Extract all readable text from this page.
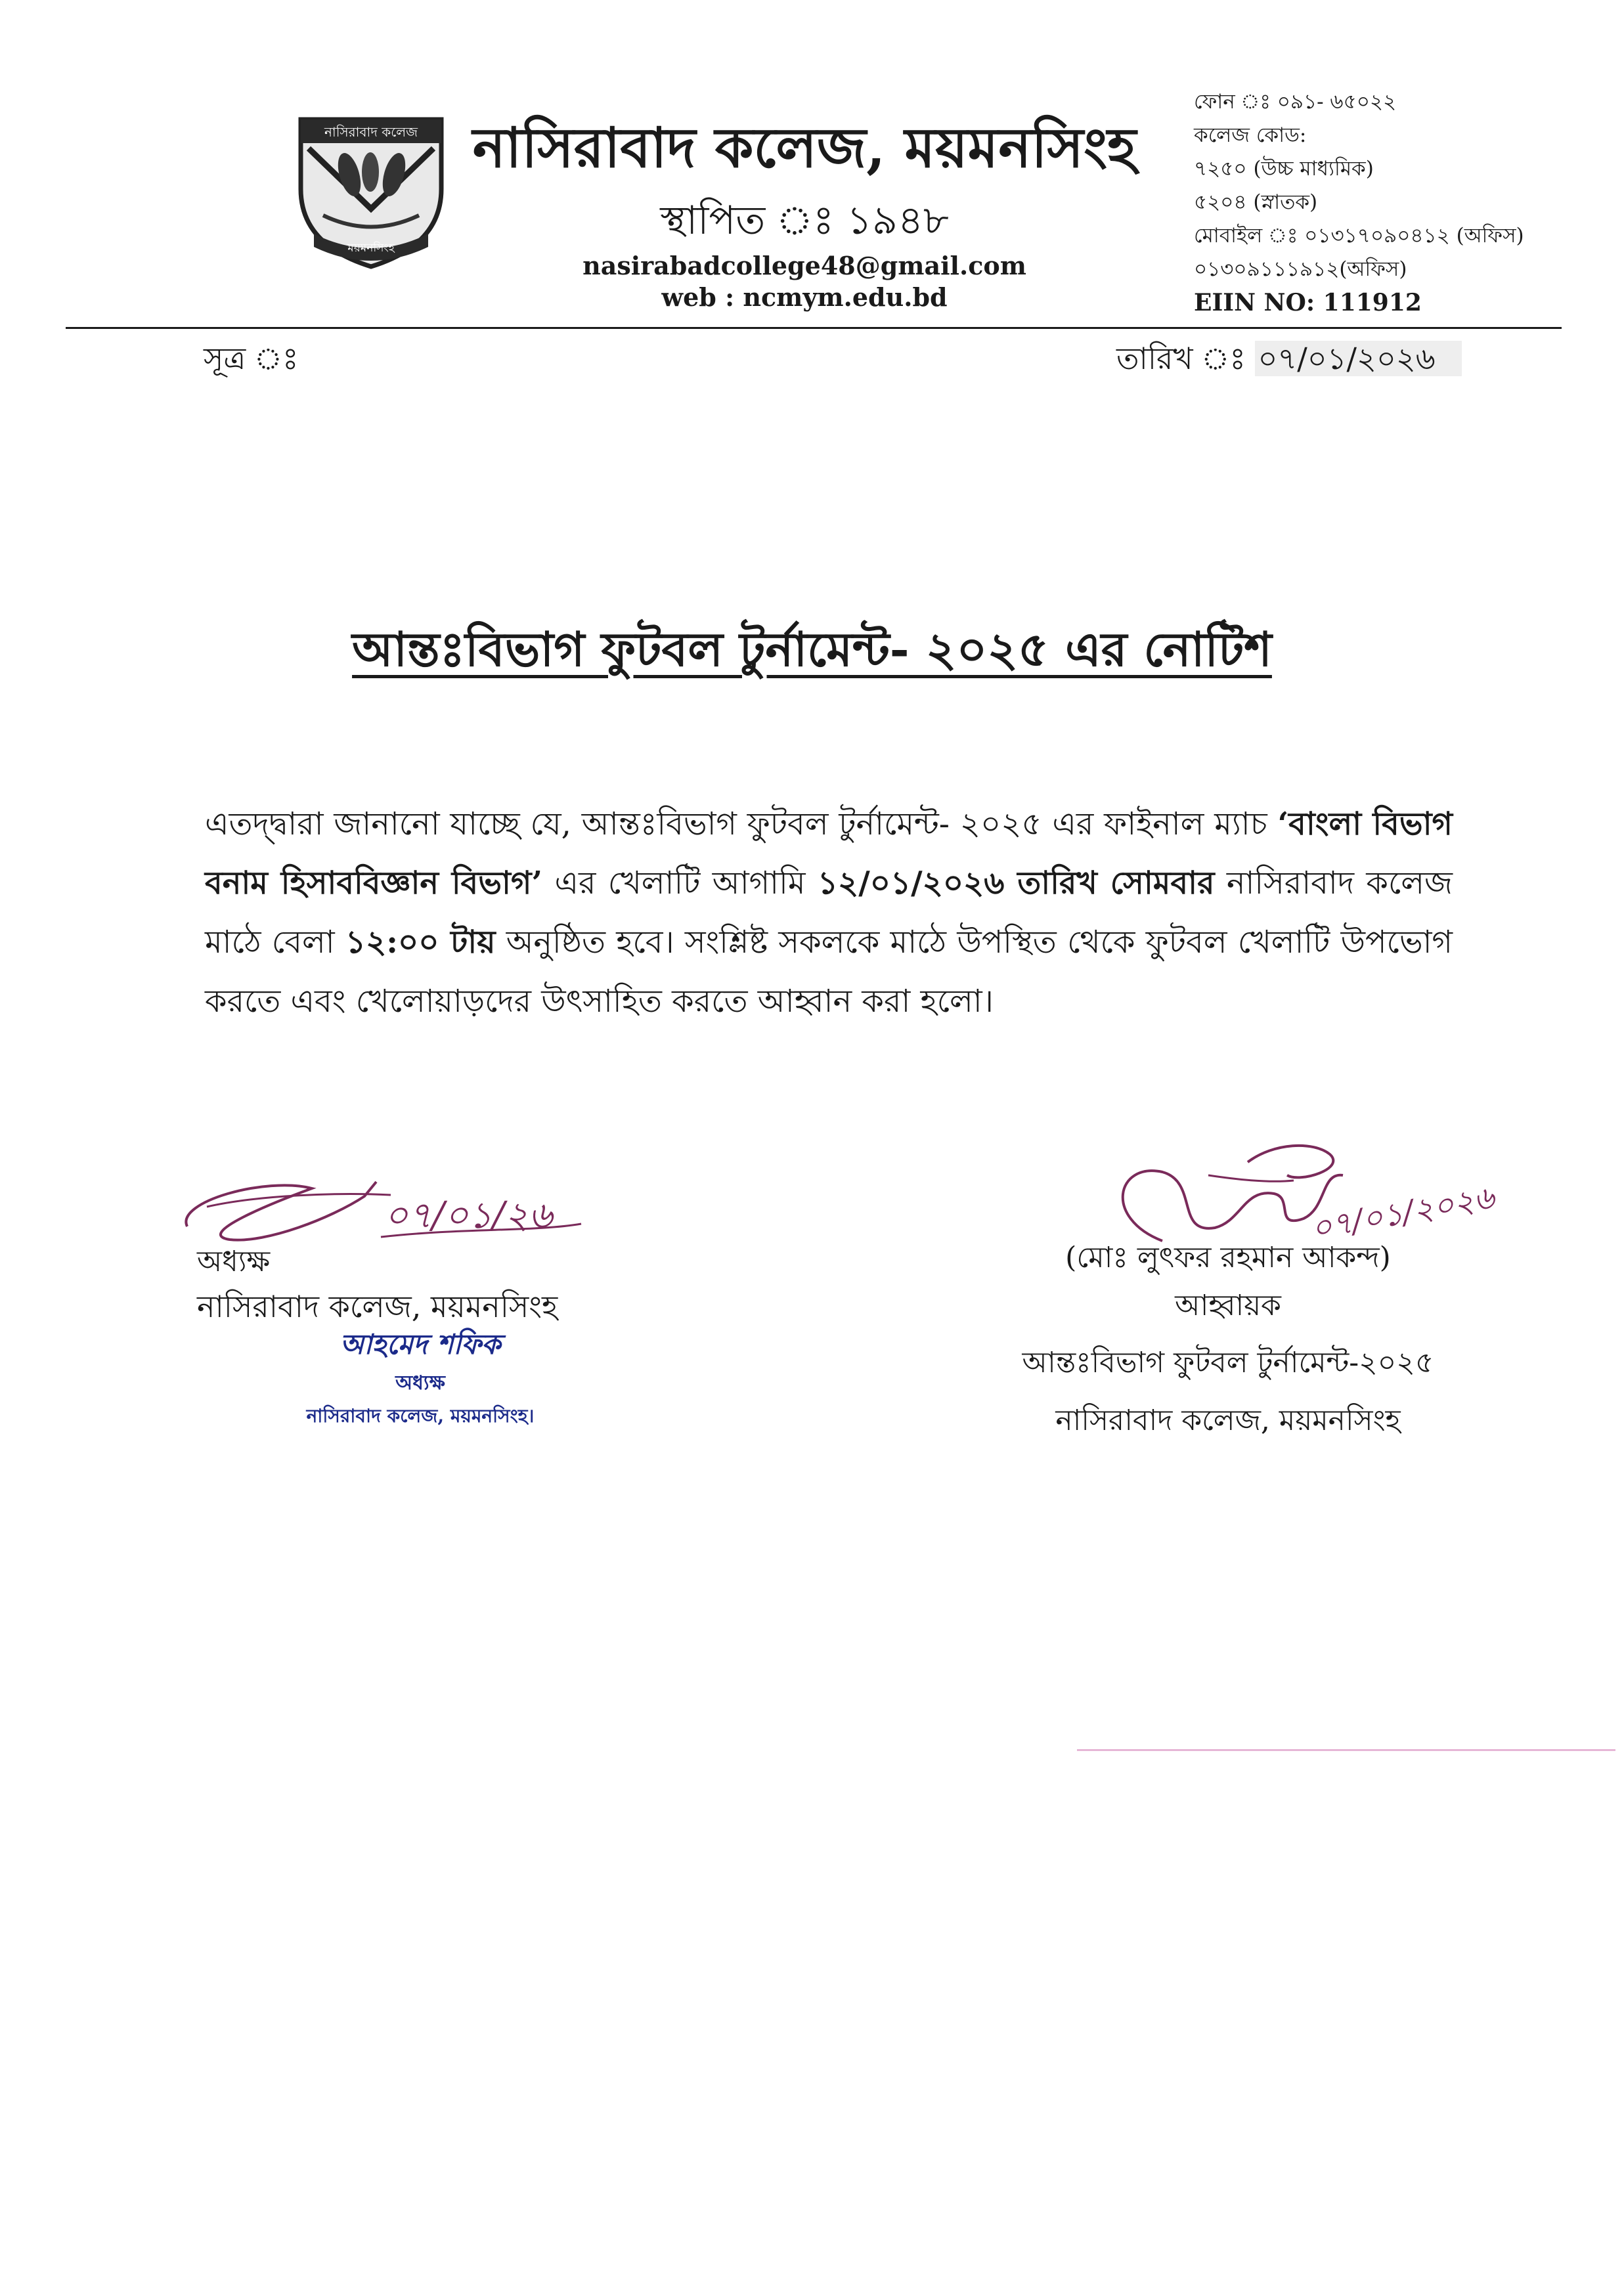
নাসিরাবাদ কলেজ
ময়মনসিংহ
নাসিরাবাদ কলেজ, ময়মনসিংহ
স্থাপিত ঃ ১৯৪৮
nasirabadcollege48@gmail.com
web : ncmym.edu.bd
ফোন ঃ ০৯১- ৬৫০২২
কলেজ কোড:
৭২৫০ (উচ্চ মাধ্যমিক)
৫২০৪ (স্নাতক)
মোবাইল ঃ ০১৩১৭০৯০৪১২ (অফিস)
০১৩০৯১১১৯১২(অফিস)
EIIN NO: 111912
সূত্র ঃ	তারিখ ঃ ০৭/০১/২০২৬
আন্তঃবিভাগ ফুটবল টুর্নামেন্ট- ২০২৫ এর নোটিশ
এতদ্দ্বারা জানানো যাচ্ছে যে, আন্তঃবিভাগ ফুটবল টুর্নামেন্ট- ২০২৫ এর ফাইনাল ম্যাচ ‘বাংলা বিভাগ বনাম হিসাববিজ্ঞান বিভাগ’ এর খেলাটি আগামি ১২/০১/২০২৬ তারিখ সোমবার নাসিরাবাদ কলেজ মাঠে বেলা ১২:০০ টায় অনুষ্ঠিত হবে। সংশ্লিষ্ট সকলকে মাঠে উপস্থিত থেকে ফুটবল খেলাটি উপভোগ করতে এবং খেলোয়াড়দের উৎসাহিত করতে আহ্বান করা হলো।
০৭/০১/২৬
অধ্যক্ষ
নাসিরাবাদ কলেজ, ময়মনসিংহ
আহমেদ শফিক
অধ্যক্ষ
নাসিরাবাদ কলেজ, ময়মনসিংহ।
০৭/০১/২০২৬
(মোঃ লুৎফর রহমান আকন্দ)
আহ্বায়ক
আন্তঃবিভাগ ফুটবল টুর্নামেন্ট-২০২৫
নাসিরাবাদ কলেজ, ময়মনসিংহ
